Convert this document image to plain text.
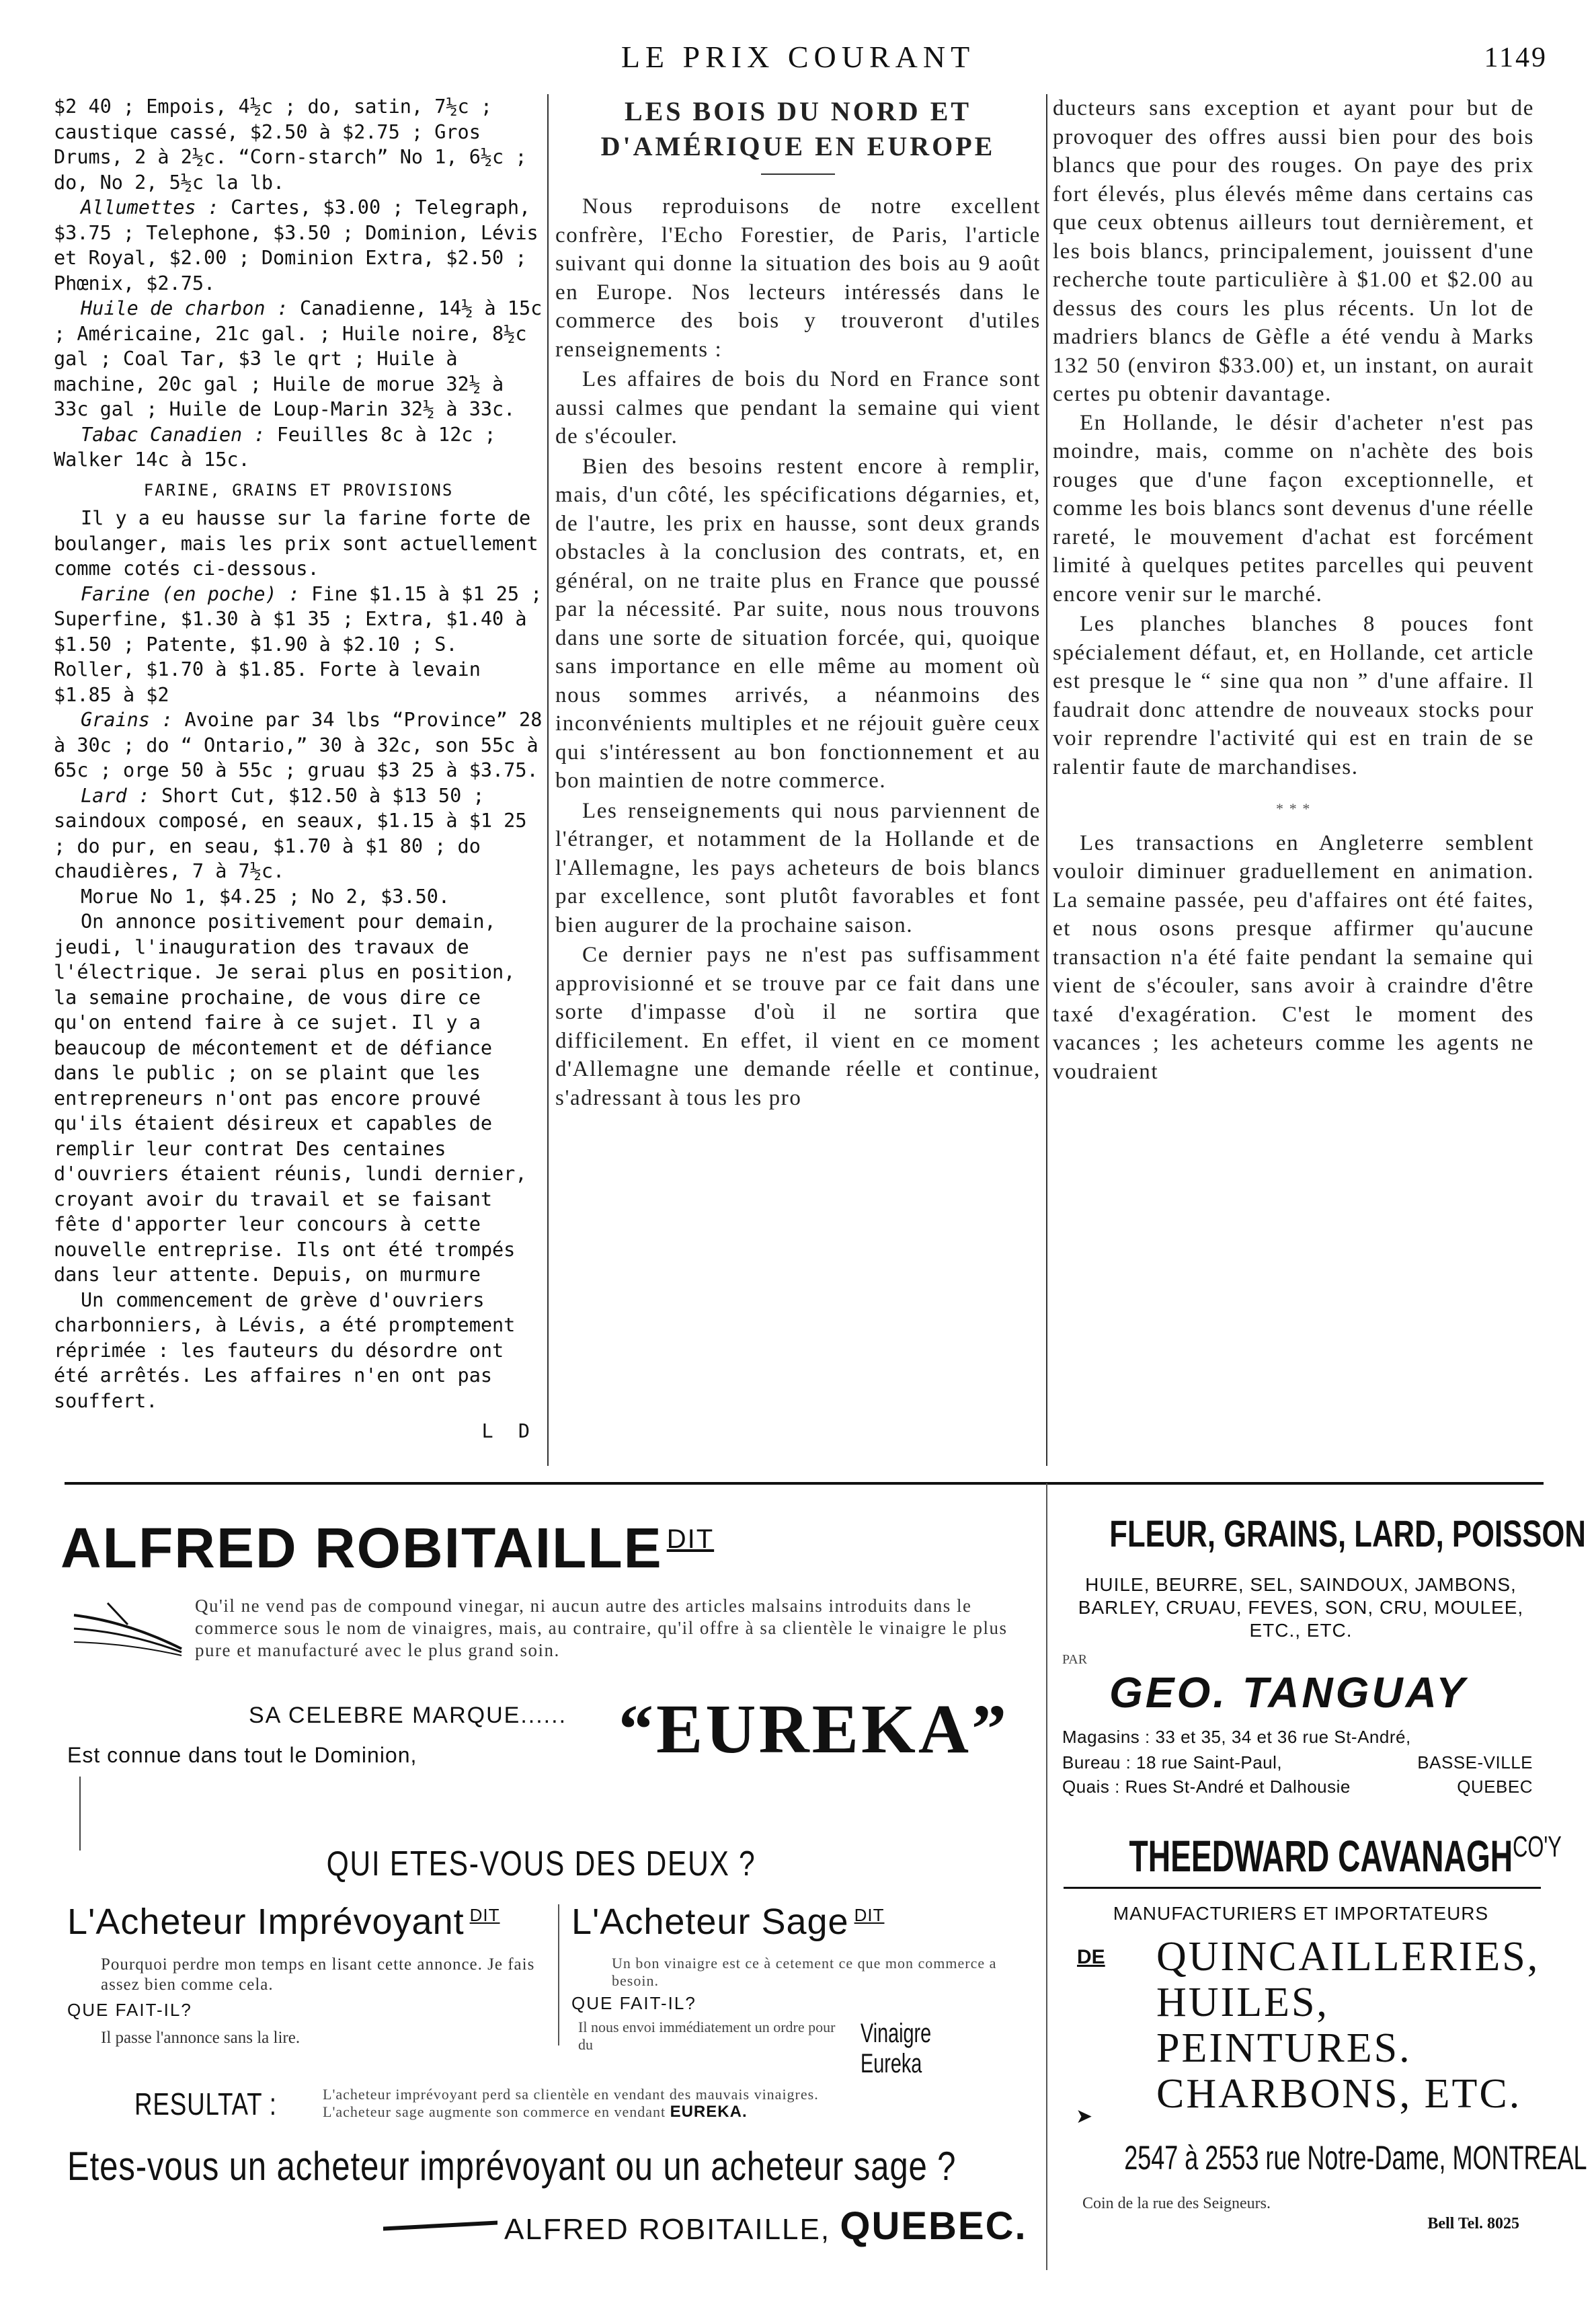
LE PRIX COURANT	1149
$2 40 ; Empois, 4½c ; do, satin, 7½c ; caustique cassé, $2.50 à $2.75 ; Gros Drums, 2 à 2½c. “Corn-starch” No 1, 6½c ; do, No 2, 5½c la lb.

Allumettes : Cartes, $3.00 ; Telegraph, $3.75 ; Telephone, $3.50 ; Dominion, Lévis et Royal, $2.00 ; Dominion Extra, $2.50 ; Phœnix, $2.75.

Huile de charbon : Canadienne, 14½ à 15c ; Américaine, 21c gal. ; Huile noire, 8½c gal ; Coal Tar, $3 le qrt ; Huile à machine, 20c gal ; Huile de morue 32½ à 33c gal ; Huile de Loup-Marin 32½ à 33c.

Tabac Canadien : Feuilles 8c à 12c ; Walker 14c à 15c.

FARINE, GRAINS ET PROVISIONS

Il y a eu hausse sur la farine forte de boulanger, mais les prix sont actuellement comme cotés ci-dessous.

Farine (en poche) : Fine $1.15 à $1 25 ; Superfine, $1.30 à $1 35 ; Extra, $1.40 à $1.50 ; Patente, $1.90 à $2.10 ; S. Roller, $1.70 à $1.85. Forte à levain $1.85 à $2

Grains : Avoine par 34 lbs “Province” 28 à 30c ; do “ Ontario,” 30 à 32c, son 55c à 65c ; orge 50 à 55c ; gruau $3 25 à $3.75.

Lard : Short Cut, $12.50 à $13 50 ; saindoux composé, en seaux, $1.15 à $1 25 ; do pur, en seau, $1.70 à $1 80 ; do chaudières, 7 à 7½c.

Morue No 1, $4.25 ; No 2, $3.50.

On annonce positivement pour demain, jeudi, l'inauguration des travaux de l'électrique. Je serai plus en position, la semaine prochaine, de vous dire ce qu'on entend faire à ce sujet. Il y a beaucoup de mécontement et de défiance dans le public ; on se plaint que les entrepreneurs n'ont pas encore prouvé qu'ils étaient désireux et capables de remplir leur contrat Des centaines d'ouvriers étaient réunis, lundi dernier, croyant avoir du travail et se faisant fête d'apporter leur concours à cette nouvelle entreprise. Ils ont été trompés dans leur attente. Depuis, on murmure

Un commencement de grève d'ouvriers charbonniers, à Lévis, a été promptement réprimée : les fauteurs du désordre ont été arrêtés. Les affaires n'en ont pas souffert.

L D
LES BOIS DU NORD ET D'AMÉRIQUE EN EUROPE

Nous reproduisons de notre excellent confrère, l'Echo Forestier, de Paris, l'article suivant qui donne la situation des bois au 9 août en Europe. Nos lecteurs intéressés dans le commerce des bois y trouveront d'utiles renseignements :

Les affaires de bois du Nord en France sont aussi calmes que pendant la semaine qui vient de s'écouler.

Bien des besoins restent encore à remplir, mais, d'un côté, les spécifications dégarnies, et, de l'autre, les prix en hausse, sont deux grands obstacles à la conclusion des contrats, et, en général, on ne traite plus en France que poussé par la nécessité. Par suite, nous nous trouvons dans une sorte de situation forcée, qui, quoique sans importance en elle même au moment où nous sommes arrivés, a néanmoins des inconvénients multiples et ne réjouit guère ceux qui s'intéressent au bon fonctionnement et au bon maintien de notre commerce.

Les renseignements qui nous parviennent de l'étranger, et notamment de la Hollande et de l'Allemagne, les pays acheteurs de bois blancs par excellence, sont plutôt favorables et font bien augurer de la prochaine saison.

Ce dernier pays ne n'est pas suffisamment approvisionné et se trouve par ce fait dans une sorte d'impasse d'où il ne sortira que difficilement. En effet, il vient en ce moment d'Allemagne une demande réelle et continue, s'adressant à tous les pro

ducteurs sans exception et ayant pour but de provoquer des offres aussi bien pour des bois blancs que pour des rouges. On paye des prix fort élevés, plus élevés même dans certains cas que ceux obtenus ailleurs tout dernièrement, et les bois blancs, principalement, jouissent d'une recherche toute particulière à $1.00 et $2.00 au dessus des cours les plus récents. Un lot de madriers blancs de Gèfle a été vendu à Marks 132 50 (environ $33.00) et, un instant, on aurait certes pu obtenir davantage.

En Hollande, le désir d'acheter n'est pas moindre, mais, comme on n'achète des bois rouges que d'une façon exceptionnelle, et comme les bois blancs sont devenus d'une réelle rareté, le mouvement d'achat est forcément limité à quelques petites parcelles qui peuvent encore venir sur le marché.

Les planches blanches 8 pouces font spécialement défaut, et, en Hollande, cet article est presque le “ sine qua non ” d'une affaire. Il faudrait donc attendre de nouveaux stocks pour voir reprendre l'activité qui est en train de se ralentir faute de marchandises.

* * *

Les transactions en Angleterre semblent vouloir diminuer graduellement en animation. La semaine passée, peu d'affaires ont été faites, et nous osons presque affirmer qu'aucune transaction n'a été faite pendant la semaine qui vient de s'écouler, sans avoir à craindre d'être taxé d'exagération. C'est le moment des vacances ; les acheteurs comme les agents ne voudraient

ALFRED ROBITAILLE $^{DIT}$
Qu'il ne vend pas de compound vinegar, ni aucun autre des articles malsains introduits dans le commerce sous le nom de vinaigres, mais, au contraire, qu'il offre à sa clientèle le vinaigre le plus pure et manufacturé avec le plus grand soin.
SA CELEBRE MARQUE...... “EUREKA”
Est connue dans tout le Dominion,
QUI ETES-VOUS DES DEUX ?
L'Acheteur Imprévoyant $^{DIT}$ L'Acheteur Sage $^{DIT}$
Pourquoi perdre mon temps en lisant cette annonce. Je fais assez bien comme cela.
QUE FAIT-IL?
Il passe l'annonce sans la lire.
Un bon vinaigre est ce à cetement ce que mon commerce a besoin.
QUE FAIT-IL?
Il nous envoi immédiatement un ordre pour du	Vinaigre Eureka
RESULTAT :	L'acheteur imprévoyant perd sa clientèle en vendant des mauvais vinaigres.
L'acheteur sage augmente son commerce en vendant EUREKA.
Etes-vous un acheteur imprévoyant ou un acheteur sage ?
ALFRED ROBITAILLE, QUEBEC.
FLEUR, GRAINS, LARD, POISSON
HUILE, BEURRE, SEL, SAINDOUX, JAMBONS, BARLEY, CRUAU, FEVES, SON, CRU, MOULEE, ETC., ETC.
PAR
GEO. TANGUAY
Magasins : 33 et 35, 34 et 36 rue St-André,
Bureau : 18 rue Saint-Paul,	BASSE-VILLE
Quais : Rues St-André et Dalhousie	QUEBEC
THEEDWARD $CAVANAGH^{CO'Y}$
MANUFACTURIERS ET IMPORTATEURS
DE QUINCAILLERIES,
HUILES,
PEINTURES.
CHARBONS, ETC.
➤
2547 à 2553 rue Notre-Dame, MONTREAL
Coin de la rue des Seigneurs.
Bell Tel. 8025
